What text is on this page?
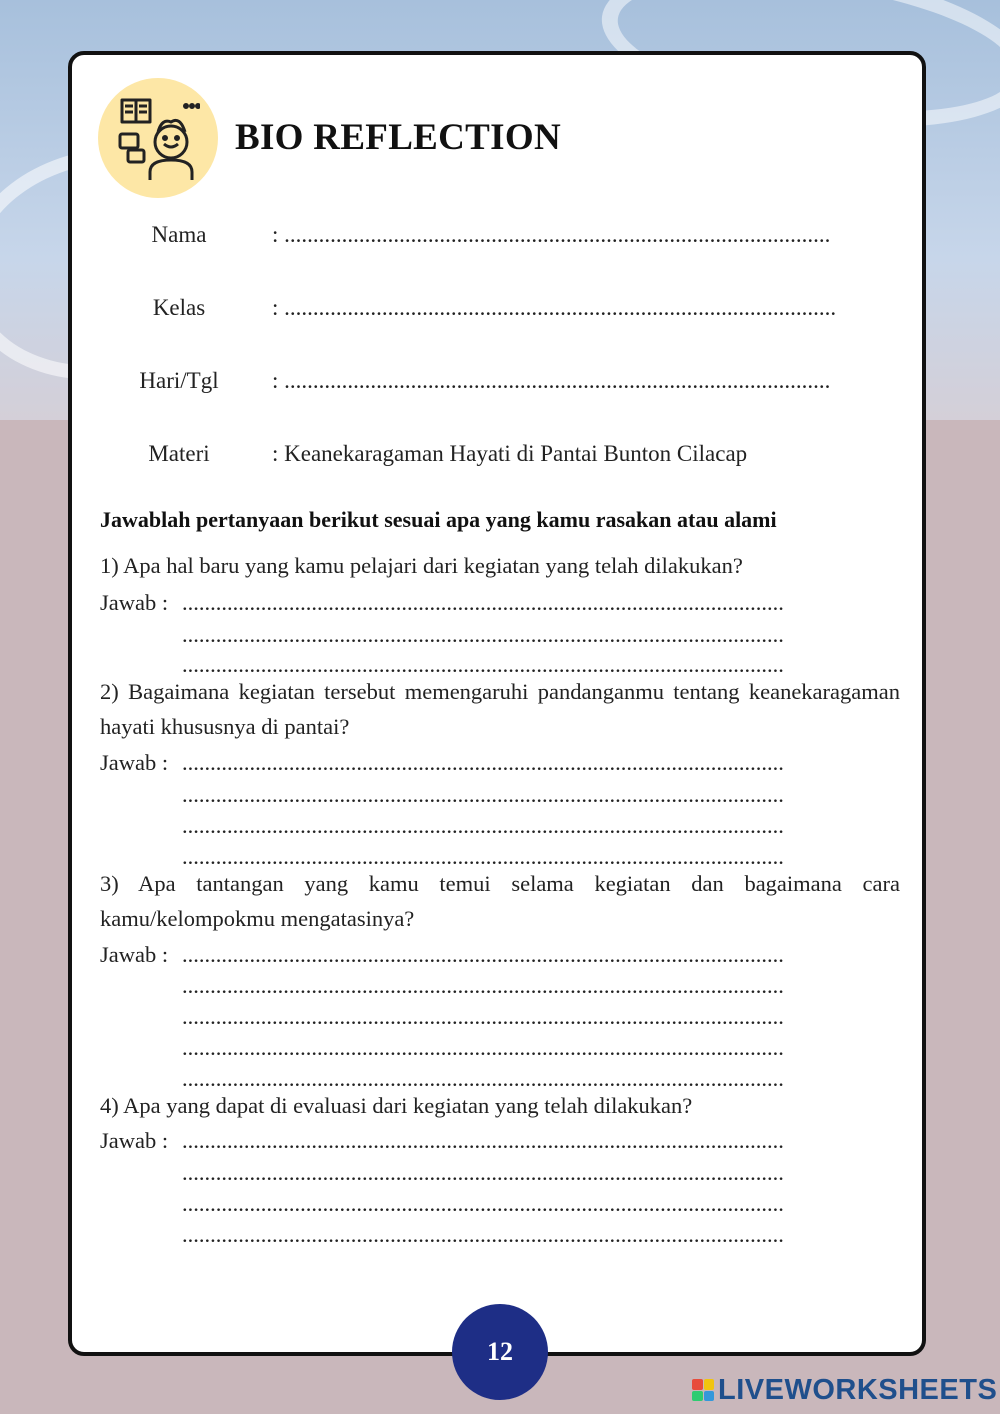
BIO REFLECTION
Nama	: ...............................................................................................
Kelas	: ................................................................................................
Hari/Tgl	: ...............................................................................................
Materi	: Keanekaragaman Hayati di Pantai Bunton Cilacap
Jawablah pertanyaan berikut sesuai apa yang kamu rasakan atau alami
1) Apa hal baru yang kamu pelajari dari kegiatan yang telah dilakukan?
Jawab : ...........................................................................................................
...........................................................................................................
...........................................................................................................
2) Bagaimana kegiatan tersebut memengaruhi pandanganmu tentang keanekaragaman hayati khususnya di pantai?
Jawab : ...........................................................................................................
...........................................................................................................
...........................................................................................................
...........................................................................................................
3) Apa tantangan yang kamu temui selama kegiatan dan bagaimana cara kamu/kelompokmu mengatasinya?
Jawab : ...........................................................................................................
...........................................................................................................
...........................................................................................................
...........................................................................................................
...........................................................................................................
4) Apa yang dapat di evaluasi dari kegiatan yang telah dilakukan?
Jawab : ...........................................................................................................
...........................................................................................................
...........................................................................................................
...........................................................................................................
12
LIVEWORKSHEETS
